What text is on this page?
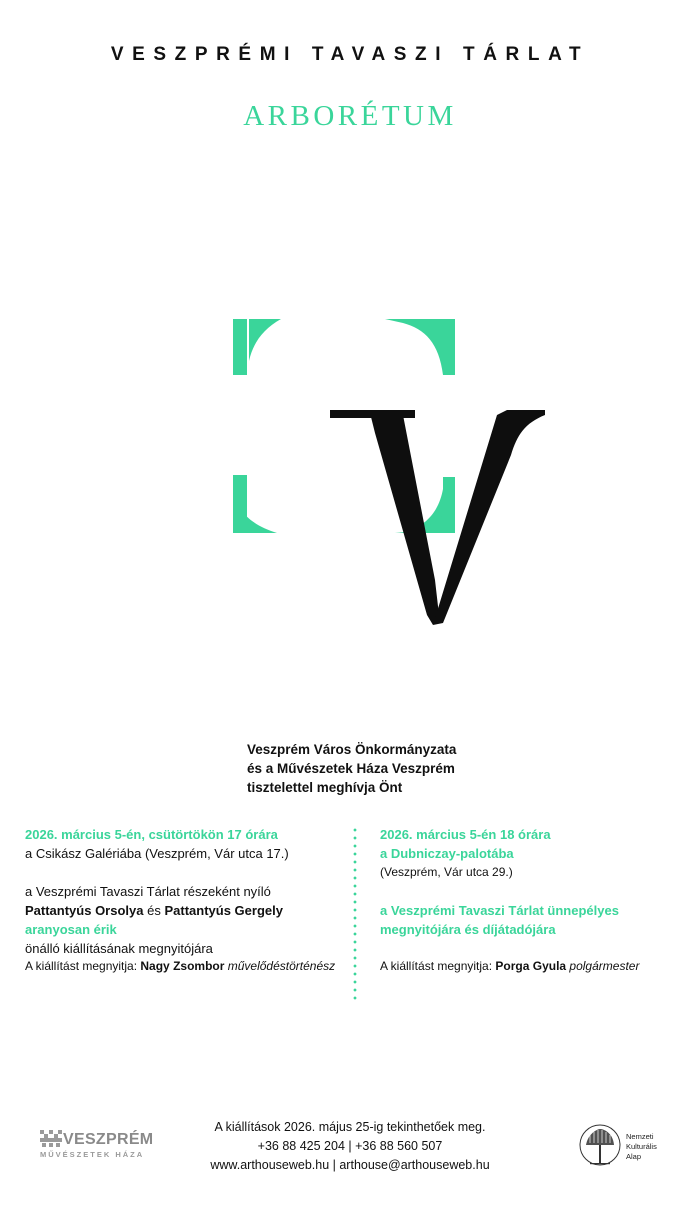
VESZPRÉMI TAVASZI TÁRLAT
ARBORÉTUM
Veszprém Város Önkormányzata
és a Művészetek Háza Veszprém
tisztelettel meghívja Önt
2026. március 5-én, csütörtökön 17 órára
a Csikász Galériába (Veszprém, Vár utca 17.)
a Veszprémi Tavaszi Tárlat részeként nyíló
Pattantyús Orsolya és Pattantyús Gergely
aranyosan érik
önálló kiállításának megnyitójára
A kiállítást megnyitja: Nagy Zsombor művelődéstörténész
2026. március 5-én 18 órára
a Dubniczay-palotába
(Veszprém, Vár utca 29.)
a Veszprémi Tavaszi Tárlat ünnepélyes
megnyitójára és díjátadójára
A kiállítást megnyitja: Porga Gyula polgármester
A kiállítások 2026. május 25-ig tekinthetőek meg.
+36 88 425 204 | +36 88 560 507
www.arthouseweb.hu | arthouse@arthouseweb.hu
VESZPRÉM
MŰVÉSZETEK HÁZA
Nemzeti
Kulturális
Alap
